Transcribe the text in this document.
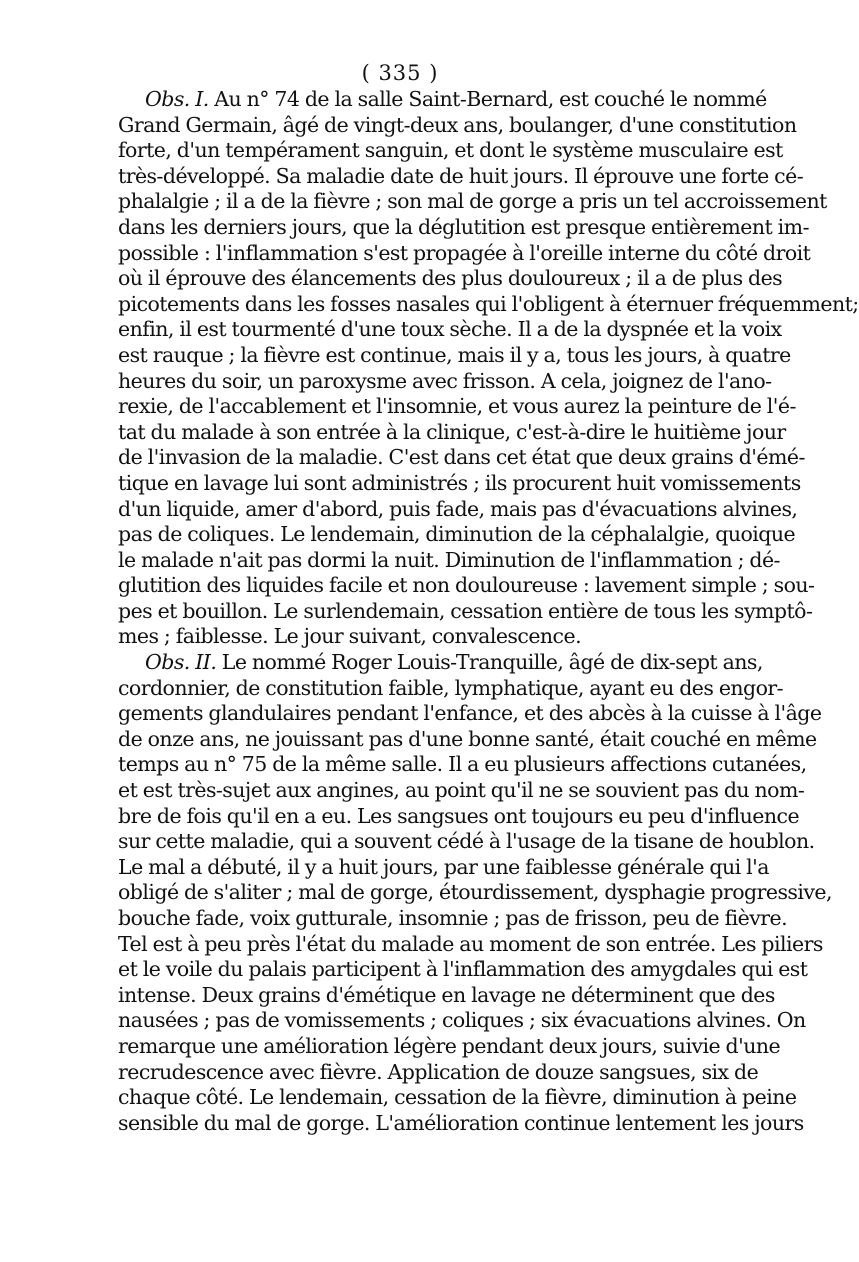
( 335 )
Obs. I. Au n° 74 de la salle Saint-Bernard, est couché le nommé
Grand Germain, âgé de vingt-deux ans, boulanger, d'une constitution
forte, d'un tempérament sanguin, et dont le système musculaire est
très-développé. Sa maladie date de huit jours. Il éprouve une forte cé-
phalalgie ; il a de la fièvre ; son mal de gorge a pris un tel accroissement
dans les derniers jours, que la déglutition est presque entièrement im-
possible : l'inflammation s'est propagée à l'oreille interne du côté droit
où il éprouve des élancements des plus douloureux ; il a de plus des
picotements dans les fosses nasales qui l'obligent à éternuer fréquemment;
enfin, il est tourmenté d'une toux sèche. Il a de la dyspnée et la voix
est rauque ; la fièvre est continue, mais il y a, tous les jours, à quatre
heures du soir, un paroxysme avec frisson. A cela, joignez de l'ano-
rexie, de l'accablement et l'insomnie, et vous aurez la peinture de l'é-
tat du malade à son entrée à la clinique, c'est-à-dire le huitième jour
de l'invasion de la maladie. C'est dans cet état que deux grains d'émé-
tique en lavage lui sont administrés ; ils procurent huit vomissements
d'un liquide, amer d'abord, puis fade, mais pas d'évacuations alvines,
pas de coliques. Le lendemain, diminution de la céphalalgie, quoique
le malade n'ait pas dormi la nuit. Diminution de l'inflammation ; dé-
glutition des liquides facile et non douloureuse : lavement simple ; sou-
pes et bouillon. Le surlendemain, cessation entière de tous les symptô-
mes ; faiblesse. Le jour suivant, convalescence.
Obs. II. Le nommé Roger Louis-Tranquille, âgé de dix-sept ans,
cordonnier, de constitution faible, lymphatique, ayant eu des engor-
gements glandulaires pendant l'enfance, et des abcès à la cuisse à l'âge
de onze ans, ne jouissant pas d'une bonne santé, était couché en même
temps au n° 75 de la même salle. Il a eu plusieurs affections cutanées,
et est très-sujet aux angines, au point qu'il ne se souvient pas du nom-
bre de fois qu'il en a eu. Les sangsues ont toujours eu peu d'influence
sur cette maladie, qui a souvent cédé à l'usage de la tisane de houblon.
Le mal a débuté, il y a huit jours, par une faiblesse générale qui l'a
obligé de s'aliter ; mal de gorge, étourdissement, dysphagie progressive,
bouche fade, voix gutturale, insomnie ; pas de frisson, peu de fièvre.
Tel est à peu près l'état du malade au moment de son entrée. Les piliers
et le voile du palais participent à l'inflammation des amygdales qui est
intense. Deux grains d'émétique en lavage ne déterminent que des
nausées ; pas de vomissements ; coliques ; six évacuations alvines. On
remarque une amélioration légère pendant deux jours, suivie d'une
recrudescence avec fièvre. Application de douze sangsues, six de
chaque côté. Le lendemain, cessation de la fièvre, diminution à peine
sensible du mal de gorge. L'amélioration continue lentement les jours
